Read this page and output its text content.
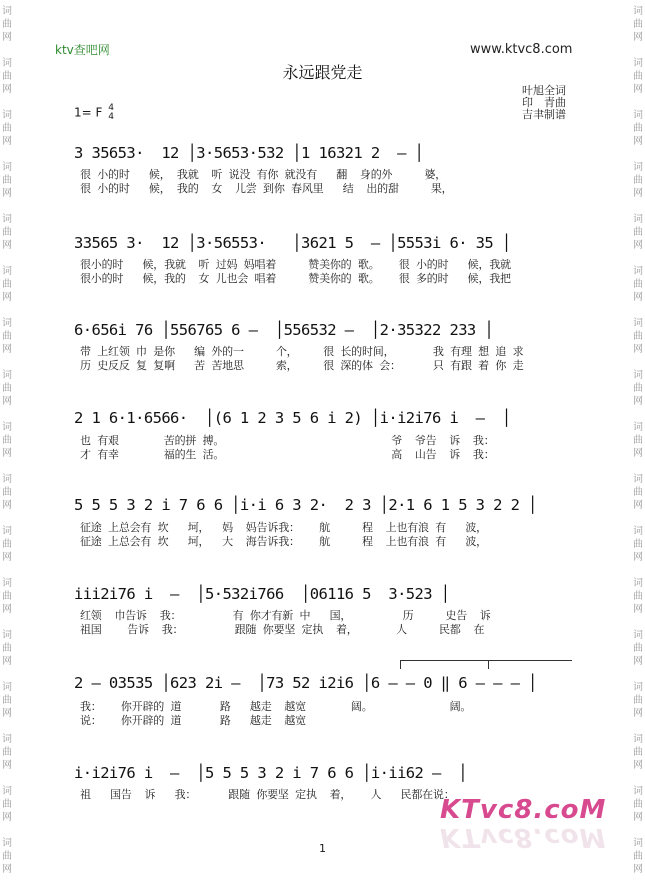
词
曲
网
词
曲
网
词
曲
网
词
曲
网
词
曲
网
词
曲
网
词
曲
网
词
曲
网
词
曲
网
词
曲
网
词
曲
网
词
曲
网
词
曲
网
词
曲
网
词
曲
网
词
曲
网
词
曲
网
词
曲
网
词
曲
网
词
曲
网
词
曲
网
词
曲
网
词
曲
网
词
曲
网
词
曲
网
词
曲
网
词
曲
网
词
曲
网
词
曲
网
词
曲
网
词
曲
网
词
曲
网
词
曲
网
词
曲
网
ktv查吧网	www.ktvc8.com
永远跟党走
1= F 4
4
叶旭全词
印　青曲
吉聿制谱
3 35653·  12 │3·5653·532 │1 16321 2  — │
很 小的时   候， 我就  听 说没 有你 就没有   翻  身的外     婆，
很 小的时   候， 我的  女  儿尝 到你 春风里   结  出的甜     果，
33565 3·  12 │3·56553·   │3621 5  — │5553i 6· 35 │
很小的时   候，我就  听 过妈 妈唱着     赞美你的 歌。   很 小的时   候，我就
很小的时   候，我的  女 儿也会 唱着     赞美你的 歌。   很 多的时   候，我把
6·656i 76 │556765 6 —  │556532 —  │2·35322 233 │
带 上红领 巾 是你   编 外的一     个，    很 长的时间，      我 有理 想 追 求
历 史反反 复 复啊   苦 苦地思     索，    很 深的体 会：     只 有跟 着 你 走
2 1 6·1·6566·  │(6 1 2 3 5 6 i 2) │i·i2i76 i  —  │
也 有艰       苦的拼 搏。                          爷  爷告  诉  我：
才 有幸       福的生 活。                          高  山告  诉  我：
5 5 5 3 2 i 7 6 6 │i·i 6 3 2·  2 3 │2·1 6 1 5 3 2 2 │
征途 上总会有 坎   坷，  妈  妈告诉我：   航     程  上也有浪 有   波，
征途 上总会有 坎   坷，  大  海告诉我：   航     程  上也有浪 有   波，
iii2i76 i  —  │5·532i766  │06116 5  3·523 │
红领  巾告诉  我：        有 你才有新 中   国，        历     史告  诉
祖国    告诉  我：        跟随 你要坚 定执  着，      人     民都  在
2 — 03535 │623 2i —  │73 52 i2i6 │6 — — 0 ‖ 6 — — — │
我：   你开辟的 道      路   越走  越宽       阔。            阔。
说：   你开辟的 道      路   越走  越宽
i·i2i76 i  —  │5 5 5 3 2 i 7 6 6 │i·ii62 —  │
祖   国告  诉   我：     跟随 你要坚 定执  着，   人   民都在说：
KTvc8.coM
KTvc8.coM
1
